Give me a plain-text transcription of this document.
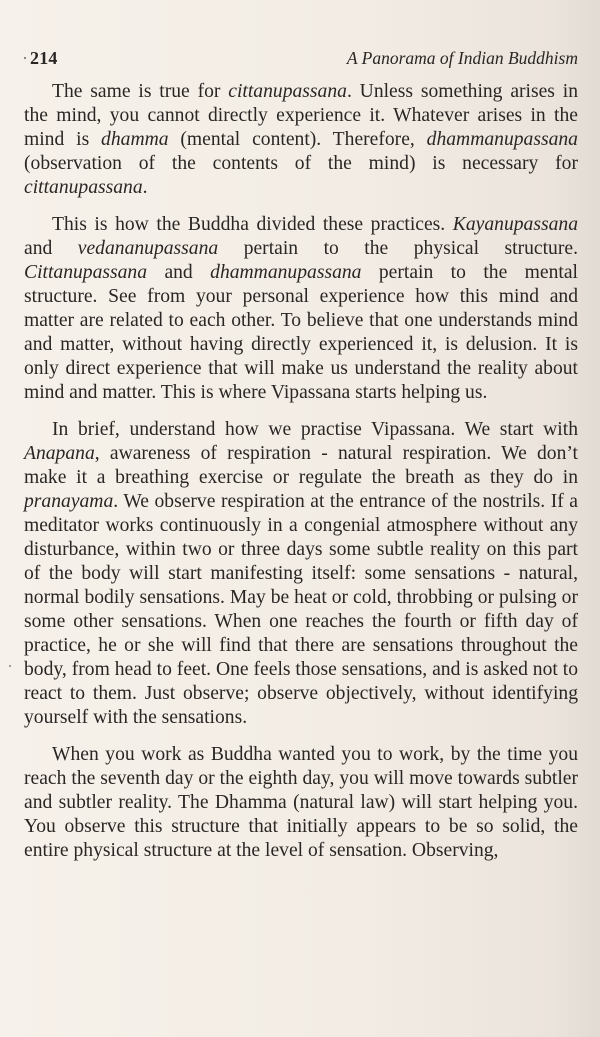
214	A Panorama of Indian Buddhism

The same is true for cittanupassana. Unless something arises in the mind, you cannot directly experience it. Whatever arises in the mind is dhamma (mental content). Therefore, dhammanupassana (observation of the contents of the mind) is necessary for cittanupassana.

This is how the Buddha divided these practices. Kayanupassana and vedananupassana pertain to the physical structure. Cittanupassana and dhammanupassana pertain to the mental structure. See from your personal experience how this mind and matter are related to each other. To believe that one understands mind and matter, without having directly experienced it, is delusion. It is only direct experience that will make us understand the reality about mind and matter. This is where Vipassana starts helping us.

In brief, understand how we practise Vipassana. We start with Anapana, awareness of respiration - natural respiration. We don’t make it a breathing exercise or regulate the breath as they do in pranayama. We observe respiration at the entrance of the nostrils. If a meditator works continuously in a congenial atmosphere without any disturbance, within two or three days some subtle reality on this part of the body will start manifesting itself: some sensations - natural, normal bodily sensations. May be heat or cold, throbbing or pulsing or some other sensations. When one reaches the fourth or fifth day of practice, he or she will find that there are sensations throughout the body, from head to feet. One feels those sensations, and is asked not to react to them. Just observe; observe objectively, without identifying yourself with the sensations.

When you work as Buddha wanted you to work, by the time you reach the seventh day or the eighth day, you will move towards subtler and subtler reality. The Dhamma (natural law) will start helping you. You observe this structure that initially appears to be so solid, the entire physical structure at the level of sensation. Observing,
